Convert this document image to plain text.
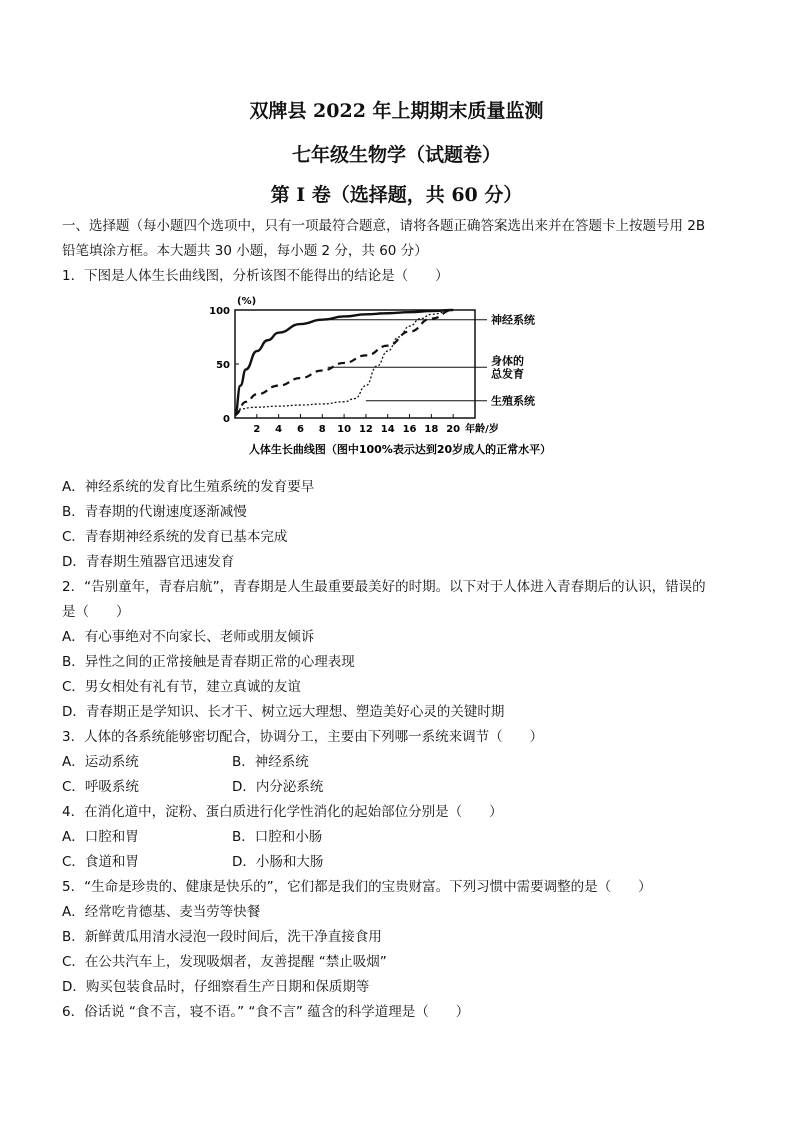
双牌县 2022 年上期期末质量监测
七年级生物学（试题卷）
第 I 卷（选择题，共 60 分）
一、选择题（每小题四个选项中，只有一项最符合题意，请将各题正确答案选出来并在答题卡上按题号用 2B
铅笔填涂方框。本大题共 30 小题，每小题 2 分，共 60 分）
1．下图是人体生长曲线图，分析该图不能得出的结论是（　　）
(%)
0
50
100
2 4 6 8 10 12 14 16 18 20 年龄/岁
神经系统
身体的
总发育
生殖系统
人体生长曲线图（图中100%表示达到20岁成人的正常水平）
A．神经系统的发育比生殖系统的发育要早
B．青春期的代谢速度逐渐减慢
C．青春期神经系统的发育已基本完成
D．青春期生殖器官迅速发育
2．“告别童年，青春启航”，青春期是人生最重要最美好的时期。以下对于人体进入青春期后的认识，错误的
是（　　）
A．有心事绝对不向家长、老师或朋友倾诉
B．异性之间的正常接触是青春期正常的心理表现
C．男女相处有礼有节，建立真诚的友谊
D．青春期正是学知识、长才干、树立远大理想、塑造美好心灵的关键时期
3．人体的各系统能够密切配合，协调分工，主要由下列哪一系统来调节（　　）
A．运动系统	B．神经系统
C．呼吸系统	D．内分泌系统
4．在消化道中，淀粉、蛋白质进行化学性消化的起始部位分别是（　　）
A．口腔和胃	B．口腔和小肠
C．食道和胃	D．小肠和大肠
5．“生命是珍贵的、健康是快乐的”，它们都是我们的宝贵财富。下列习惯中需要调整的是（　　）
A．经常吃肯德基、麦当劳等快餐
B．新鲜黄瓜用清水浸泡一段时间后，洗干净直接食用
C．在公共汽车上，发现吸烟者，友善提醒 “禁止吸烟”
D．购买包装食品时，仔细察看生产日期和保质期等
6．俗话说 “食不言，寝不语。” “食不言” 蕴含的科学道理是（　　）
